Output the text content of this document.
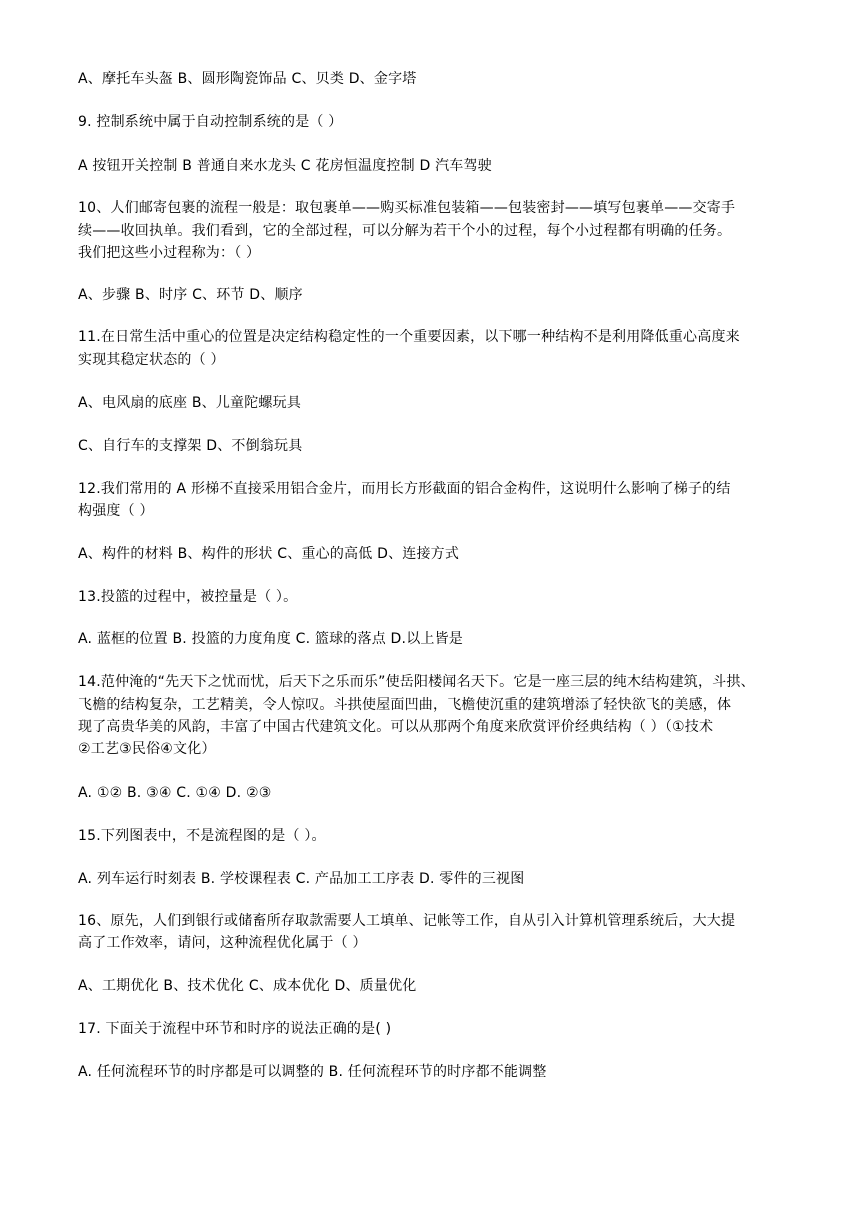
A、摩托车头盔 B、圆形陶瓷饰品 C、贝类 D、金字塔
9. 控制系统中属于自动控制系统的是（ ）
A 按钮开关控制 B 普通自来水龙头 C 花房恒温度控制 D 汽车驾驶
10、人们邮寄包裹的流程一般是：取包裹单——购买标准包装箱——包装密封——填写包裹单——交寄手
续——收回执单。我们看到，它的全部过程，可以分解为若干个小的过程，每个小过程都有明确的任务。
我们把这些小过程称为：（ ）
A、步骤 B、时序 C、环节 D、顺序
11.在日常生活中重心的位置是决定结构稳定性的一个重要因素，以下哪一种结构不是利用降低重心高度来
实现其稳定状态的（ ）
A、电风扇的底座 B、儿童陀螺玩具
C、自行车的支撑架 D、不倒翁玩具
12.我们常用的 A 形梯不直接采用铝合金片，而用长方形截面的铝合金构件，这说明什么影响了梯子的结
构强度（ ）
A、构件的材料 B、构件的形状 C、重心的高低 D、连接方式
13.投篮的过程中，被控量是（ ）。
A. 蓝框的位置 B. 投篮的力度角度 C. 篮球的落点 D.以上皆是
14.范仲淹的“先天下之忧而忧，后天下之乐而乐”使岳阳楼闻名天下。它是一座三层的纯木结构建筑，斗拱、
飞檐的结构复杂，工艺精美，令人惊叹。斗拱使屋面凹曲，飞檐使沉重的建筑增添了轻快欲飞的美感，体
现了高贵华美的风韵，丰富了中国古代建筑文化。可以从那两个角度来欣赏评价经典结构（ ）（①技术
②工艺③民俗④文化）
A. ①② B. ③④ C. ①④ D. ②③
15.下列图表中，不是流程图的是（ ）。
A. 列车运行时刻表 B. 学校课程表 C. 产品加工工序表 D. 零件的三视图
16、原先，人们到银行或储畜所存取款需要人工填单、记帐等工作，自从引入计算机管理系统后，大大提
高了工作效率，请问，这种流程优化属于（ ）
A、工期优化 B、技术优化 C、成本优化 D、质量优化
17. 下面关于流程中环节和时序的说法正确的是( )
A. 任何流程环节的时序都是可以调整的 B. 任何流程环节的时序都不能调整
